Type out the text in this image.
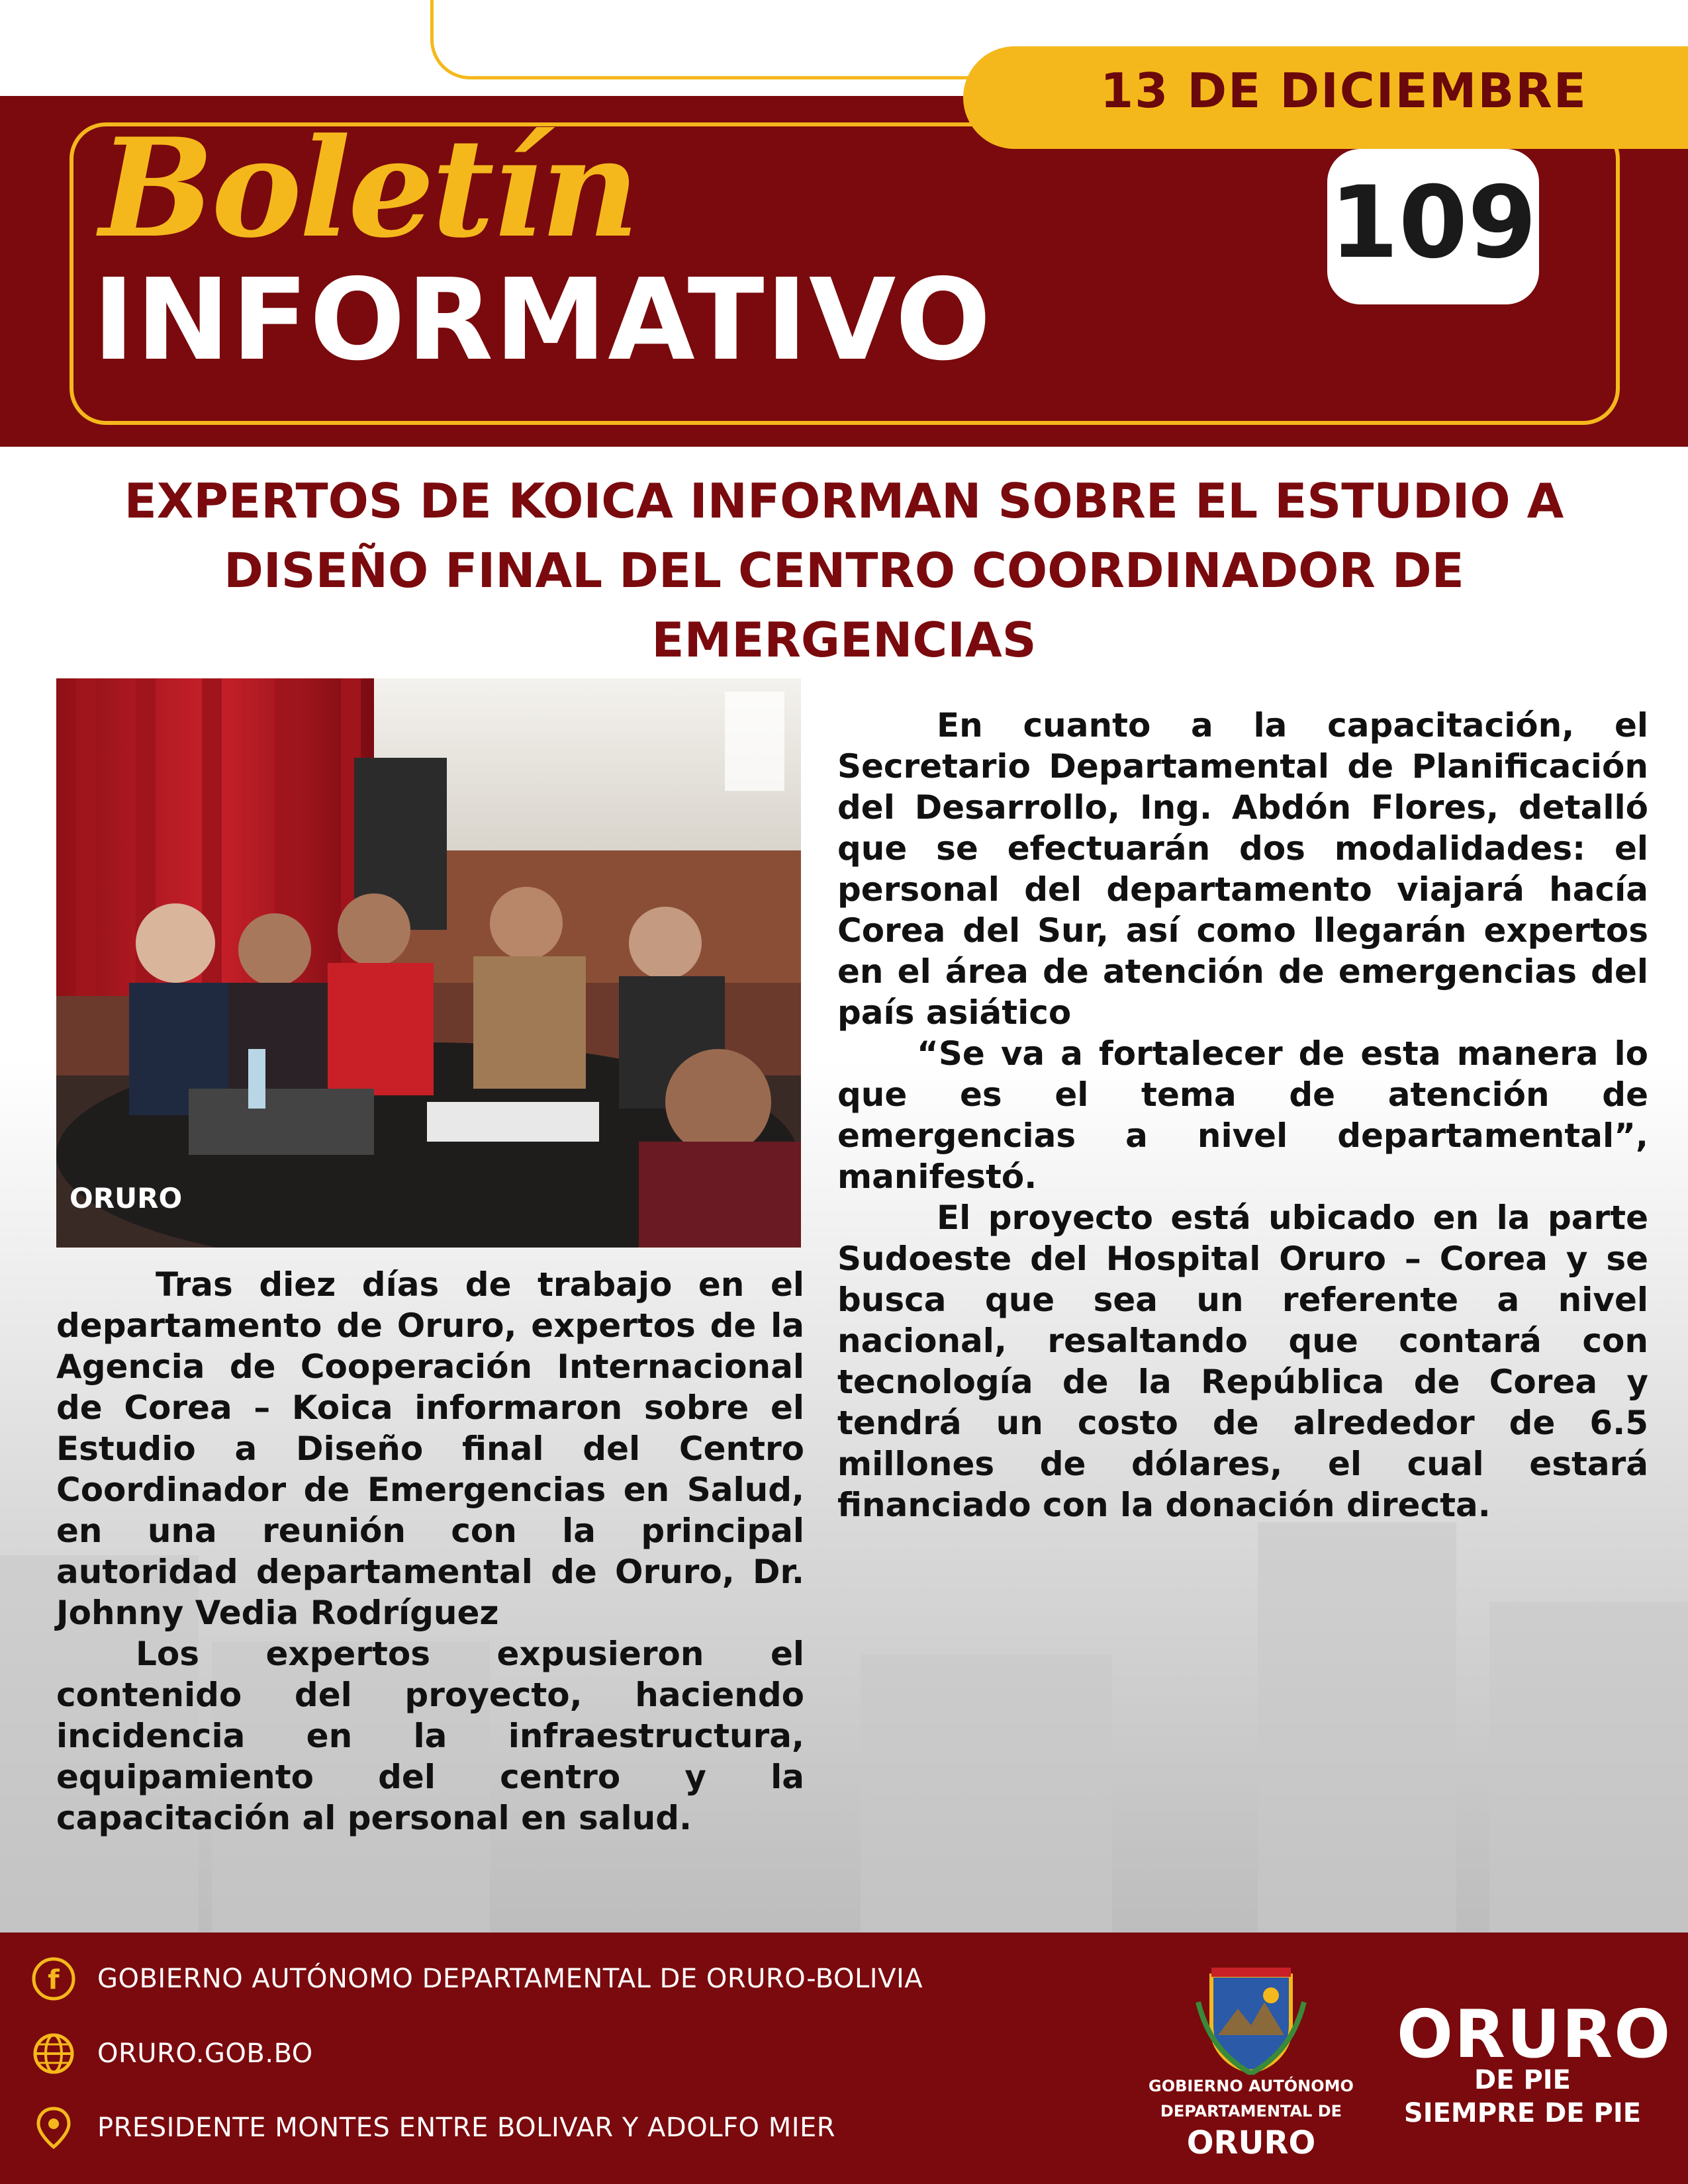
13 DE DICIEMBRE
Boletín
INFORMATIVO
109
EXPERTOS DE KOICA INFORMAN SOBRE EL ESTUDIO A
DISEÑO FINAL DEL CENTRO COORDINADOR DE
EMERGENCIAS
ORURO

Tras diez días de trabajo en el departamento de Oruro, expertos de la Agencia de Cooperación Internacional de Corea – Koica informaron sobre el Estudio a Diseño final del Centro Coordinador de Emergencias en Salud, en una reunión con la principal autoridad departamental de Oruro, Dr. Johnny Vedia Rodríguez

Los expertos expusieron el contenido del proyecto, haciendo incidencia en la infraestructura, equipamiento del centro y la capacitación al personal en salud.

En cuanto a la capacitación, el Secretario Departamental de Planificación del Desarrollo, Ing. Abdón Flores, detalló que se efectuarán dos modalidades: el personal del departamento viajará hacía Corea del Sur, así como llegarán expertos en el área de atención de emergencias del país asiático

“Se va a fortalecer de esta manera lo que es el tema de atención de emergencias a nivel departamental”, manifestó.

El proyecto está ubicado en la parte Sudoeste del Hospital Oruro – Corea y se busca que sea un referente a nivel nacional, resaltando que contará con tecnología de la República de Corea y tendrá un costo de alrededor de 6.5 millones de dólares, el cual estará financiado con la donación directa.

f GOBIERNO AUTÓNOMO DEPARTAMENTAL DE ORURO-BOLIVIA
ORURO.GOB.BO
PRESIDENTE MONTES ENTRE BOLIVAR Y ADOLFO MIER
GOBIERNO AUTÓNOMO
DEPARTAMENTAL DE
ORURO
ORURO
DE PIE
SIEMPRE DE PIE
